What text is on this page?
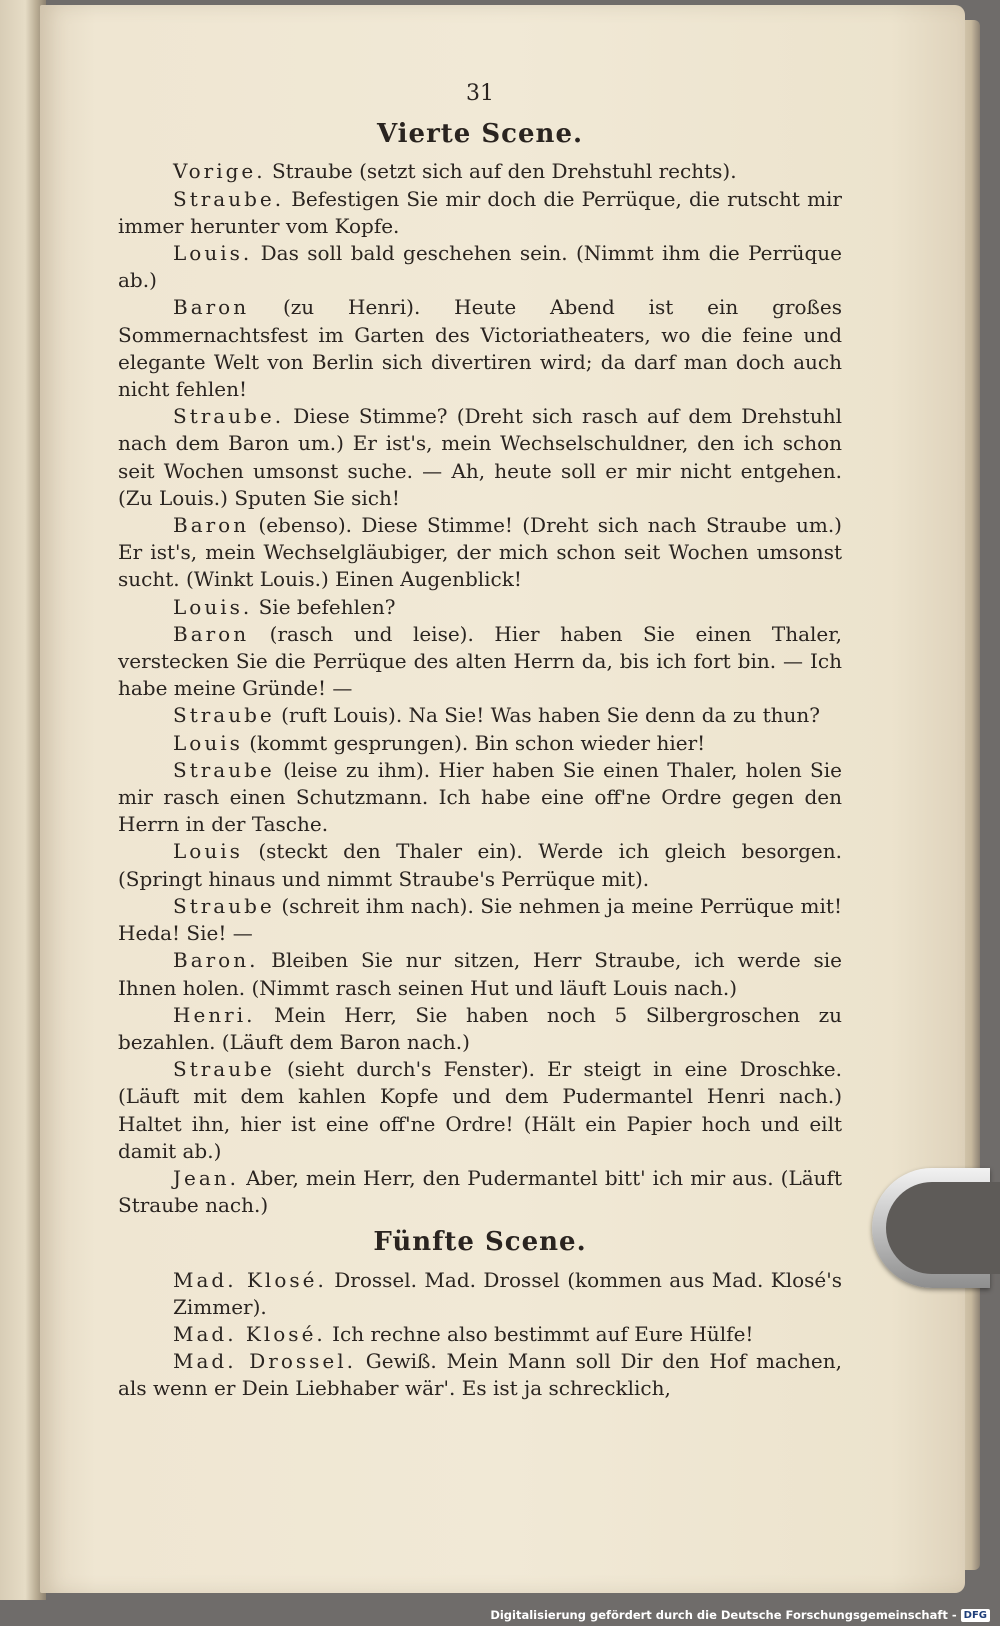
31
Vierte Scene.

Vorige. Straube (setzt sich auf den Drehstuhl rechts).

Straube. Befestigen Sie mir doch die Perrüque, die rutscht mir immer herunter vom Kopfe.

Louis. Das soll bald geschehen sein. (Nimmt ihm die Perrüque ab.)

Baron (zu Henri). Heute Abend ist ein großes Sommernachtsfest im Garten des Victoriatheaters, wo die feine und elegante Welt von Berlin sich divertiren wird; da darf man doch auch nicht fehlen!

Straube. Diese Stimme? (Dreht sich rasch auf dem Drehstuhl nach dem Baron um.) Er ist's, mein Wechselschuldner, den ich schon seit Wochen umsonst suche. — Ah, heute soll er mir nicht entgehen. (Zu Louis.) Sputen Sie sich!

Baron (ebenso). Diese Stimme! (Dreht sich nach Straube um.) Er ist's, mein Wechselgläubiger, der mich schon seit Wochen umsonst sucht. (Winkt Louis.) Einen Augenblick!

Louis. Sie befehlen?

Baron (rasch und leise). Hier haben Sie einen Thaler, verstecken Sie die Perrüque des alten Herrn da, bis ich fort bin. — Ich habe meine Gründe! —

Straube (ruft Louis). Na Sie! Was haben Sie denn da zu thun?

Louis (kommt gesprungen). Bin schon wieder hier!

Straube (leise zu ihm). Hier haben Sie einen Thaler, holen Sie mir rasch einen Schutzmann. Ich habe eine off'ne Ordre gegen den Herrn in der Tasche.

Louis (steckt den Thaler ein). Werde ich gleich besorgen. (Springt hinaus und nimmt Straube's Perrüque mit).

Straube (schreit ihm nach). Sie nehmen ja meine Perrüque mit! Heda! Sie! —

Baron. Bleiben Sie nur sitzen, Herr Straube, ich werde sie Ihnen holen. (Nimmt rasch seinen Hut und läuft Louis nach.)

Henri. Mein Herr, Sie haben noch 5 Silbergroschen zu bezahlen. (Läuft dem Baron nach.)

Straube (sieht durch's Fenster). Er steigt in eine Droschke. (Läuft mit dem kahlen Kopfe und dem Pudermantel Henri nach.) Haltet ihn, hier ist eine off'ne Ordre! (Hält ein Papier hoch und eilt damit ab.)

Jean. Aber, mein Herr, den Pudermantel bitt' ich mir aus. (Läuft Straube nach.)

Fünfte Scene.

Mad. Klosé. Drossel. Mad. Drossel (kommen aus Mad. Klosé's Zimmer).

Mad. Klosé. Ich rechne also bestimmt auf Eure Hülfe!

Mad. Drossel. Gewiß. Mein Mann soll Dir den Hof machen, als wenn er Dein Liebhaber wär'. Es ist ja schrecklich,

Digitalisierung gefördert durch die Deutsche Forschungsgemeinschaft - DFG
